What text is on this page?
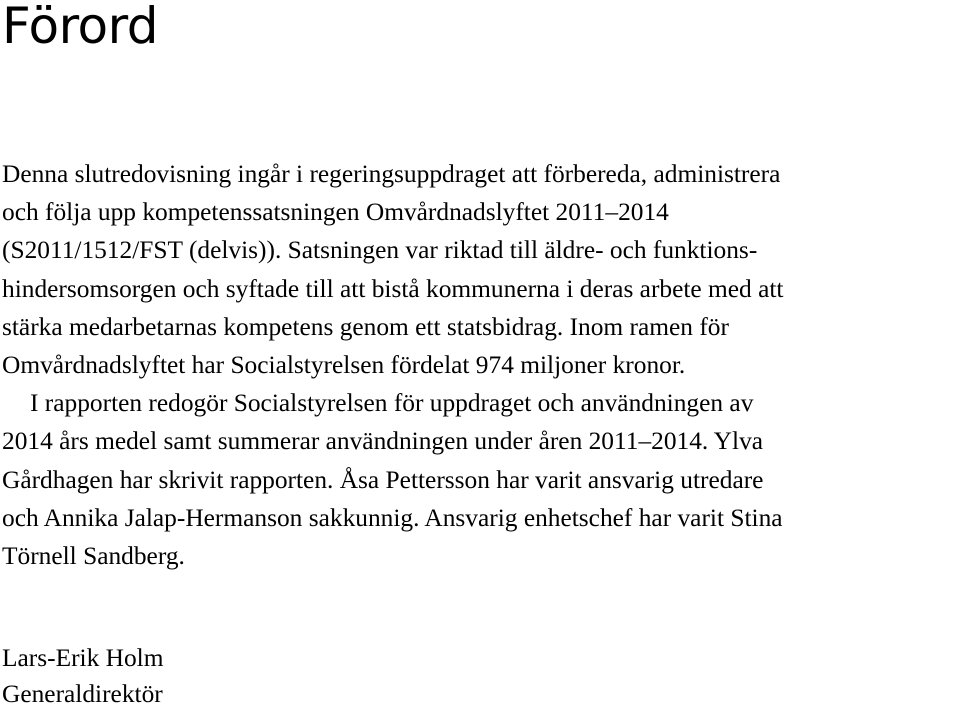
Förord
Denna slutredovisning ingår i regeringsuppdraget att förbereda, administrera
och följa upp kompetenssatsningen Omvårdnadslyftet 2011–2014
(S2011/1512/FST (delvis)). Satsningen var riktad till äldre- och funktions-
hindersomsorgen och syftade till att bistå kommunerna i deras arbete med att
stärka medarbetarnas kompetens genom ett statsbidrag. Inom ramen för
Omvårdnadslyftet har Socialstyrelsen fördelat 974 miljoner kronor.
I rapporten redogör Socialstyrelsen för uppdraget och användningen av
2014 års medel samt summerar användningen under åren 2011–2014. Ylva
Gårdhagen har skrivit rapporten. Åsa Pettersson har varit ansvarig utredare
och Annika Jalap-Hermanson sakkunnig. Ansvarig enhetschef har varit Stina
Törnell Sandberg.
Lars-Erik Holm
Generaldirektör
